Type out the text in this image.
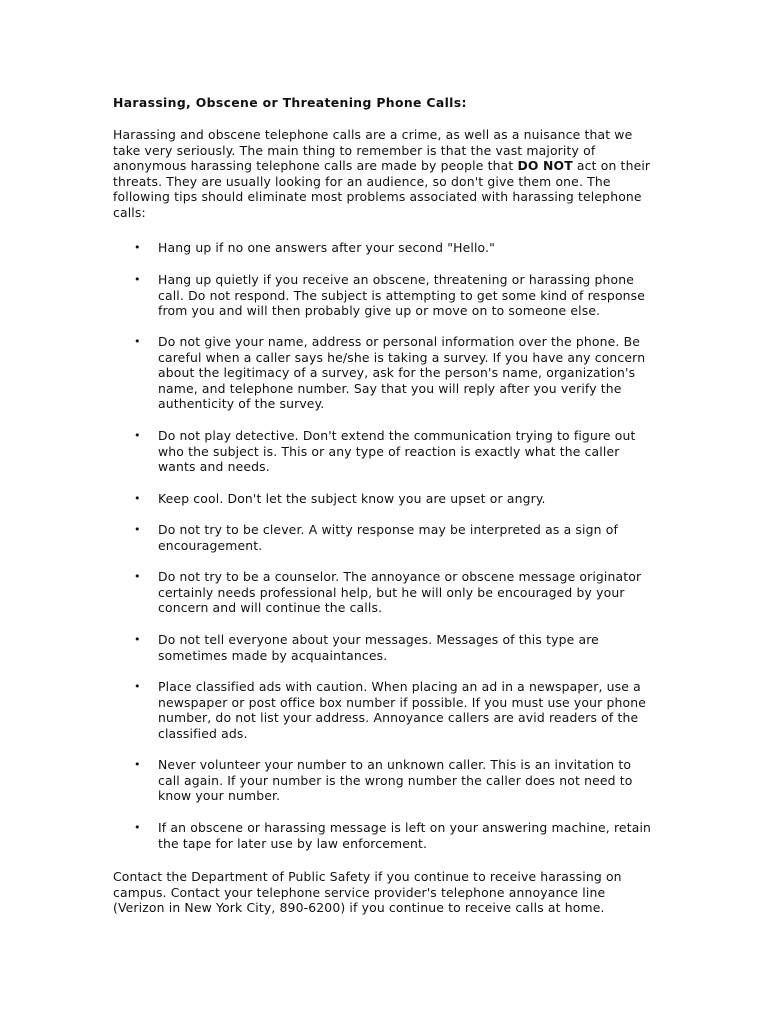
Harassing, Obscene or Threatening Phone Calls:
Harassing and obscene telephone calls are a crime, as well as a nuisance that we
take very seriously. The main thing to remember is that the vast majority of
anonymous harassing telephone calls are made by people that DO NOT act on their
threats. They are usually looking for an audience, so don't give them one. The
following tips should eliminate most problems associated with harassing telephone
calls:
• Hang up if no one answers after your second "Hello."
• Hang up quietly if you receive an obscene, threatening or harassing phone
call. Do not respond. The subject is attempting to get some kind of response
from you and will then probably give up or move on to someone else.
• Do not give your name, address or personal information over the phone. Be
careful when a caller says he/she is taking a survey. If you have any concern
about the legitimacy of a survey, ask for the person's name, organization's
name, and telephone number. Say that you will reply after you verify the
authenticity of the survey.
• Do not play detective. Don't extend the communication trying to figure out
who the subject is. This or any type of reaction is exactly what the caller
wants and needs.
• Keep cool. Don't let the subject know you are upset or angry.
• Do not try to be clever. A witty response may be interpreted as a sign of
encouragement.
• Do not try to be a counselor. The annoyance or obscene message originator
certainly needs professional help, but he will only be encouraged by your
concern and will continue the calls.
• Do not tell everyone about your messages. Messages of this type are
sometimes made by acquaintances.
• Place classified ads with caution. When placing an ad in a newspaper, use a
newspaper or post office box number if possible. If you must use your phone
number, do not list your address. Annoyance callers are avid readers of the
classified ads.
• Never volunteer your number to an unknown caller. This is an invitation to
call again. If your number is the wrong number the caller does not need to
know your number.
• If an obscene or harassing message is left on your answering machine, retain
the tape for later use by law enforcement.
Contact the Department of Public Safety if you continue to receive harassing on
campus. Contact your telephone service provider's telephone annoyance line
(Verizon in New York City, 890-6200) if you continue to receive calls at home.
